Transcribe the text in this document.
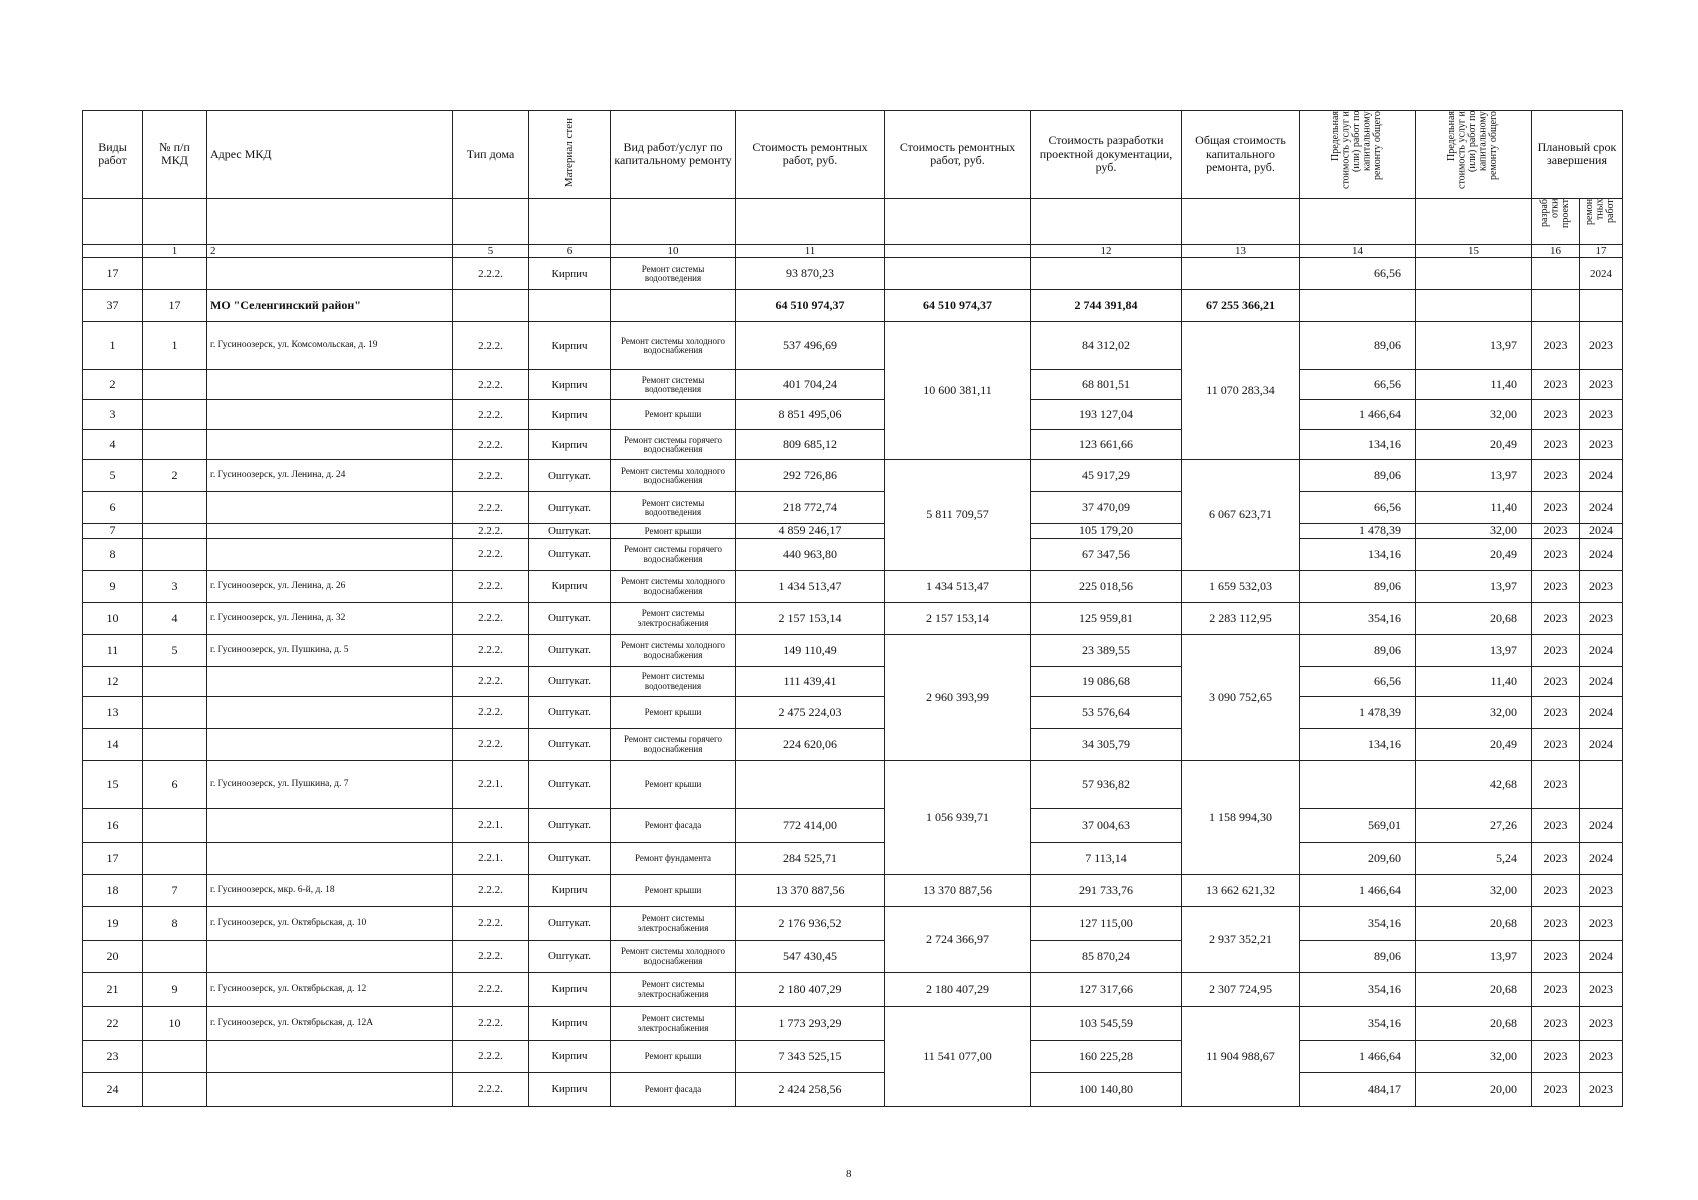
Виды работ	№ п/п МКД	Адрес МКД	Тип дома	Материал стен	Вид работ/услуг по капитальному ремонту	Стоимость ремонтных работ, руб.	Стоимость ремонтных работ, руб.	Стоимость разработки проектной документации, руб.	Общая стоимость капитального ремонта, руб.	Предельная стоимость услуг и (или) работ по капитальному ремонту общего	Предельная стоимость услуг и (или) работ по капитальному ремонту общего	Плановый срок завершения	
												разраб отки проект	ремон тных работ
	1	2	5	6	10	11		12	13	14	15	16	17
17			2.2.2.	Кирпич	Ремонт системы водоотведения	93 870,23				66,56			2024
37	17	МО "Селенгинский район"				64 510 974,37	64 510 974,37	2 744 391,84	67 255 366,21				
1	1	г. Гусиноозерск, ул. Комсомольская, д. 19	2.2.2.	Кирпич	Ремонт системы холодного водоснабжения	537 496,69	10 600 381,11	84 312,02	11 070 283,34	89,06	13,97	2023	2023
2			2.2.2.	Кирпич	Ремонт системы водоотведения	401 704,24		68 801,51		66,56	11,40	2023	2023
3			2.2.2.	Кирпич	Ремонт крыши	8 851 495,06		193 127,04		1 466,64	32,00	2023	2023
4			2.2.2.	Кирпич	Ремонт системы горячего водоснабжения	809 685,12		123 661,66		134,16	20,49	2023	2023
5	2	г. Гусиноозерск, ул. Ленина, д. 24	2.2.2.	Оштукат.	Ремонт системы холодного водоснабжения	292 726,86	5 811 709,57	45 917,29	6 067 623,71	89,06	13,97	2023	2024
6			2.2.2.	Оштукат.	Ремонт системы водоотведения	218 772,74		37 470,09		66,56	11,40	2023	2024
7			2.2.2.	Оштукат.	Ремонт крыши	4 859 246,17		105 179,20		1 478,39	32,00	2023	2024
8			2.2.2.	Оштукат.	Ремонт системы горячего водоснабжения	440 963,80		67 347,56		134,16	20,49	2023	2024
9	3	г. Гусиноозерск, ул. Ленина, д. 26	2.2.2.	Кирпич	Ремонт системы холодного водоснабжения	1 434 513,47	1 434 513,47	225 018,56	1 659 532,03	89,06	13,97	2023	2023
10	4	г. Гусиноозерск, ул. Ленина, д. 32	2.2.2.	Оштукат.	Ремонт системы электроснабжения	2 157 153,14	2 157 153,14	125 959,81	2 283 112,95	354,16	20,68	2023	2023
11	5	г. Гусиноозерск, ул. Пушкина, д. 5	2.2.2.	Оштукат.	Ремонт системы холодного водоснабжения	149 110,49	2 960 393,99	23 389,55	3 090 752,65	89,06	13,97	2023	2024
12			2.2.2.	Оштукат.	Ремонт системы водоотведения	111 439,41		19 086,68		66,56	11,40	2023	2024
13			2.2.2.	Оштукат.	Ремонт крыши	2 475 224,03		53 576,64		1 478,39	32,00	2023	2024
14			2.2.2.	Оштукат.	Ремонт системы горячего водоснабжения	224 620,06		34 305,79		134,16	20,49	2023	2024
15	6	г. Гусиноозерск, ул. Пушкина, д. 7	2.2.1.	Оштукат.	Ремонт крыши		1 056 939,71	57 936,82	1 158 994,30		42,68	2023	
16			2.2.1.	Оштукат.	Ремонт фасада	772 414,00		37 004,63		569,01	27,26	2023	2024
17			2.2.1.	Оштукат.	Ремонт фундамента	284 525,71		7 113,14		209,60	5,24	2023	2024
18	7	г. Гусиноозерск, мкр. 6-й, д. 18	2.2.2.	Кирпич	Ремонт крыши	13 370 887,56	13 370 887,56	291 733,76	13 662 621,32	1 466,64	32,00	2023	2023
19	8	г. Гусиноозерск, ул. Октябрьская, д. 10	2.2.2.	Оштукат.	Ремонт системы электроснабжения	2 176 936,52	2 724 366,97	127 115,00	2 937 352,21	354,16	20,68	2023	2023
20			2.2.2.	Оштукат.	Ремонт системы холодного водоснабжения	547 430,45		85 870,24		89,06	13,97	2023	2024
21	9	г. Гусиноозерск, ул. Октябрьская, д. 12	2.2.2.	Кирпич	Ремонт системы электроснабжения	2 180 407,29	2 180 407,29	127 317,66	2 307 724,95	354,16	20,68	2023	2023
22	10	г. Гусиноозерск, ул. Октябрьская, д. 12А	2.2.2.	Кирпич	Ремонт системы электроснабжения	1 773 293,29	11 541 077,00	103 545,59	11 904 988,67	354,16	20,68	2023	2023
23			2.2.2.	Кирпич	Ремонт крыши	7 343 525,15		160 225,28		1 466,64	32,00	2023	2023
24			2.2.2.	Кирпич	Ремонт фасада	2 424 258,56		100 140,80		484,17	20,00	2023	2023
8
